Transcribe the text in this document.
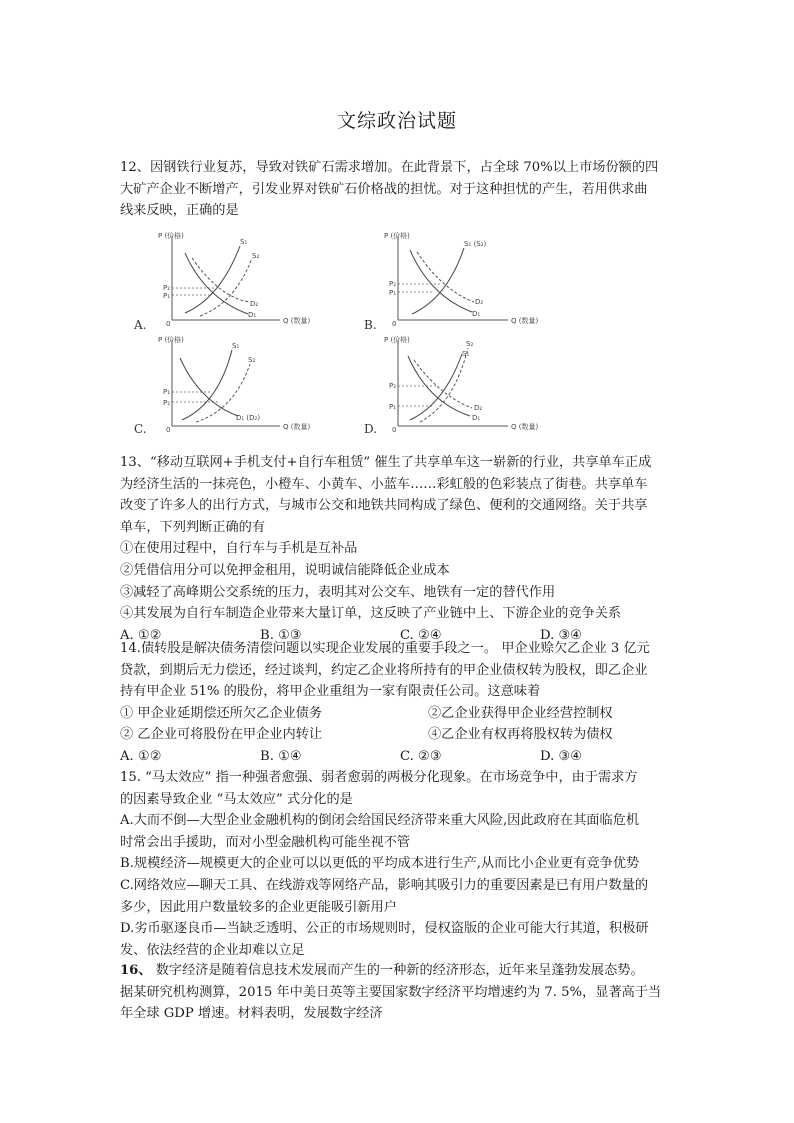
文综政治试题
12、因钢铁行业复苏，导致对铁矿石需求增加。在此背景下，占全球 70%以上市场份额的四
大矿产企业不断增产，引发业界对铁矿石价格战的担忧。对于这种担忧的产生，若用供求曲
线来反映，正确的是
P (价格)
Q (数量)
0
S₁
S₂
D₂
D₁
P₂
P₁
A.
P (价格)
Q (数量)
0
S₁ (S₂)
D₂
D₁
P₂
P₁
B.
P (价格)
Q (数量)
0
S₁
S₂
D₁ (D₂)
P₁
P₂
C.
P (价格)
Q (数量)
0
S₂
S₁
D₂
D₁
P₂
P₁
D.
13、“移动互联网+手机支付+自行车租赁” 催生了共享单车这一崭新的行业，共享单车正成
为经济生活的一抹亮色，小橙车、小黄车、小蓝车……彩虹般的色彩装点了街巷。共享单车
改变了许多人的出行方式，与城市公交和地铁共同构成了绿色、便利的交通网络。关于共享
单车，下列判断正确的有
①在使用过程中，自行车与手机是互补品
②凭借信用分可以免押金租用，说明诚信能降低企业成本
③减轻了高峰期公交系统的压力，表明其对公交车、地铁有一定的替代作用
④其发展为自行车制造企业带来大量订单，这反映了产业链中上、下游企业的竞争关系
A. ①②	B. ①③	C. ②④	D. ③④
14.债转股是解决债务清偿问题以实现企业发展的重要手段之一。 甲企业赊欠乙企业 3 亿元
贷款，到期后无力偿还，经过谈判，约定乙企业将所持有的甲企业债权转为股权，即乙企业
持有甲企业 51% 的股份，将甲企业重组为一家有限责任公司。这意味着
① 甲企业延期偿还所欠乙企业债务	②乙企业获得甲企业经营控制权
② 乙企业可将股份在甲企业内转让	④乙企业有权再将股权转为债权
A. ①②	B. ①④	C. ②③	D. ③④
15. “马太效应” 指一种强者愈强、弱者愈弱的两极分化现象。在市场竞争中，由于需求方
的因素导致企业 “马太效应” 式分化的是
A.大而不倒—大型企业金融机构的倒闭会给国民经济带来重大风险,因此政府在其面临危机
时常会出手援助，而对小型金融机构可能坐视不管
B.规模经济—规模更大的企业可以以更低的平均成本进行生产,从而比小企业更有竞争优势
C.网络效应—聊天工具、在线游戏等网络产品，影响其吸引力的重要因素是已有用户数量的
多少，因此用户数量较多的企业更能吸引新用户
D.劣币驱逐良币—当缺乏透明、公正的市场规则时，侵权盗版的企业可能大行其道，积极研
发、依法经营的企业却难以立足
16、 数字经济是随着信息技术发展而产生的一种新的经济形态，近年来呈蓬勃发展态势。
据某研究机构测算，2015 年中美日英等主要国家数字经济平均增速约为 7. 5%，显著高于当
年全球 GDP 增速。材料表明，发展数字经济
